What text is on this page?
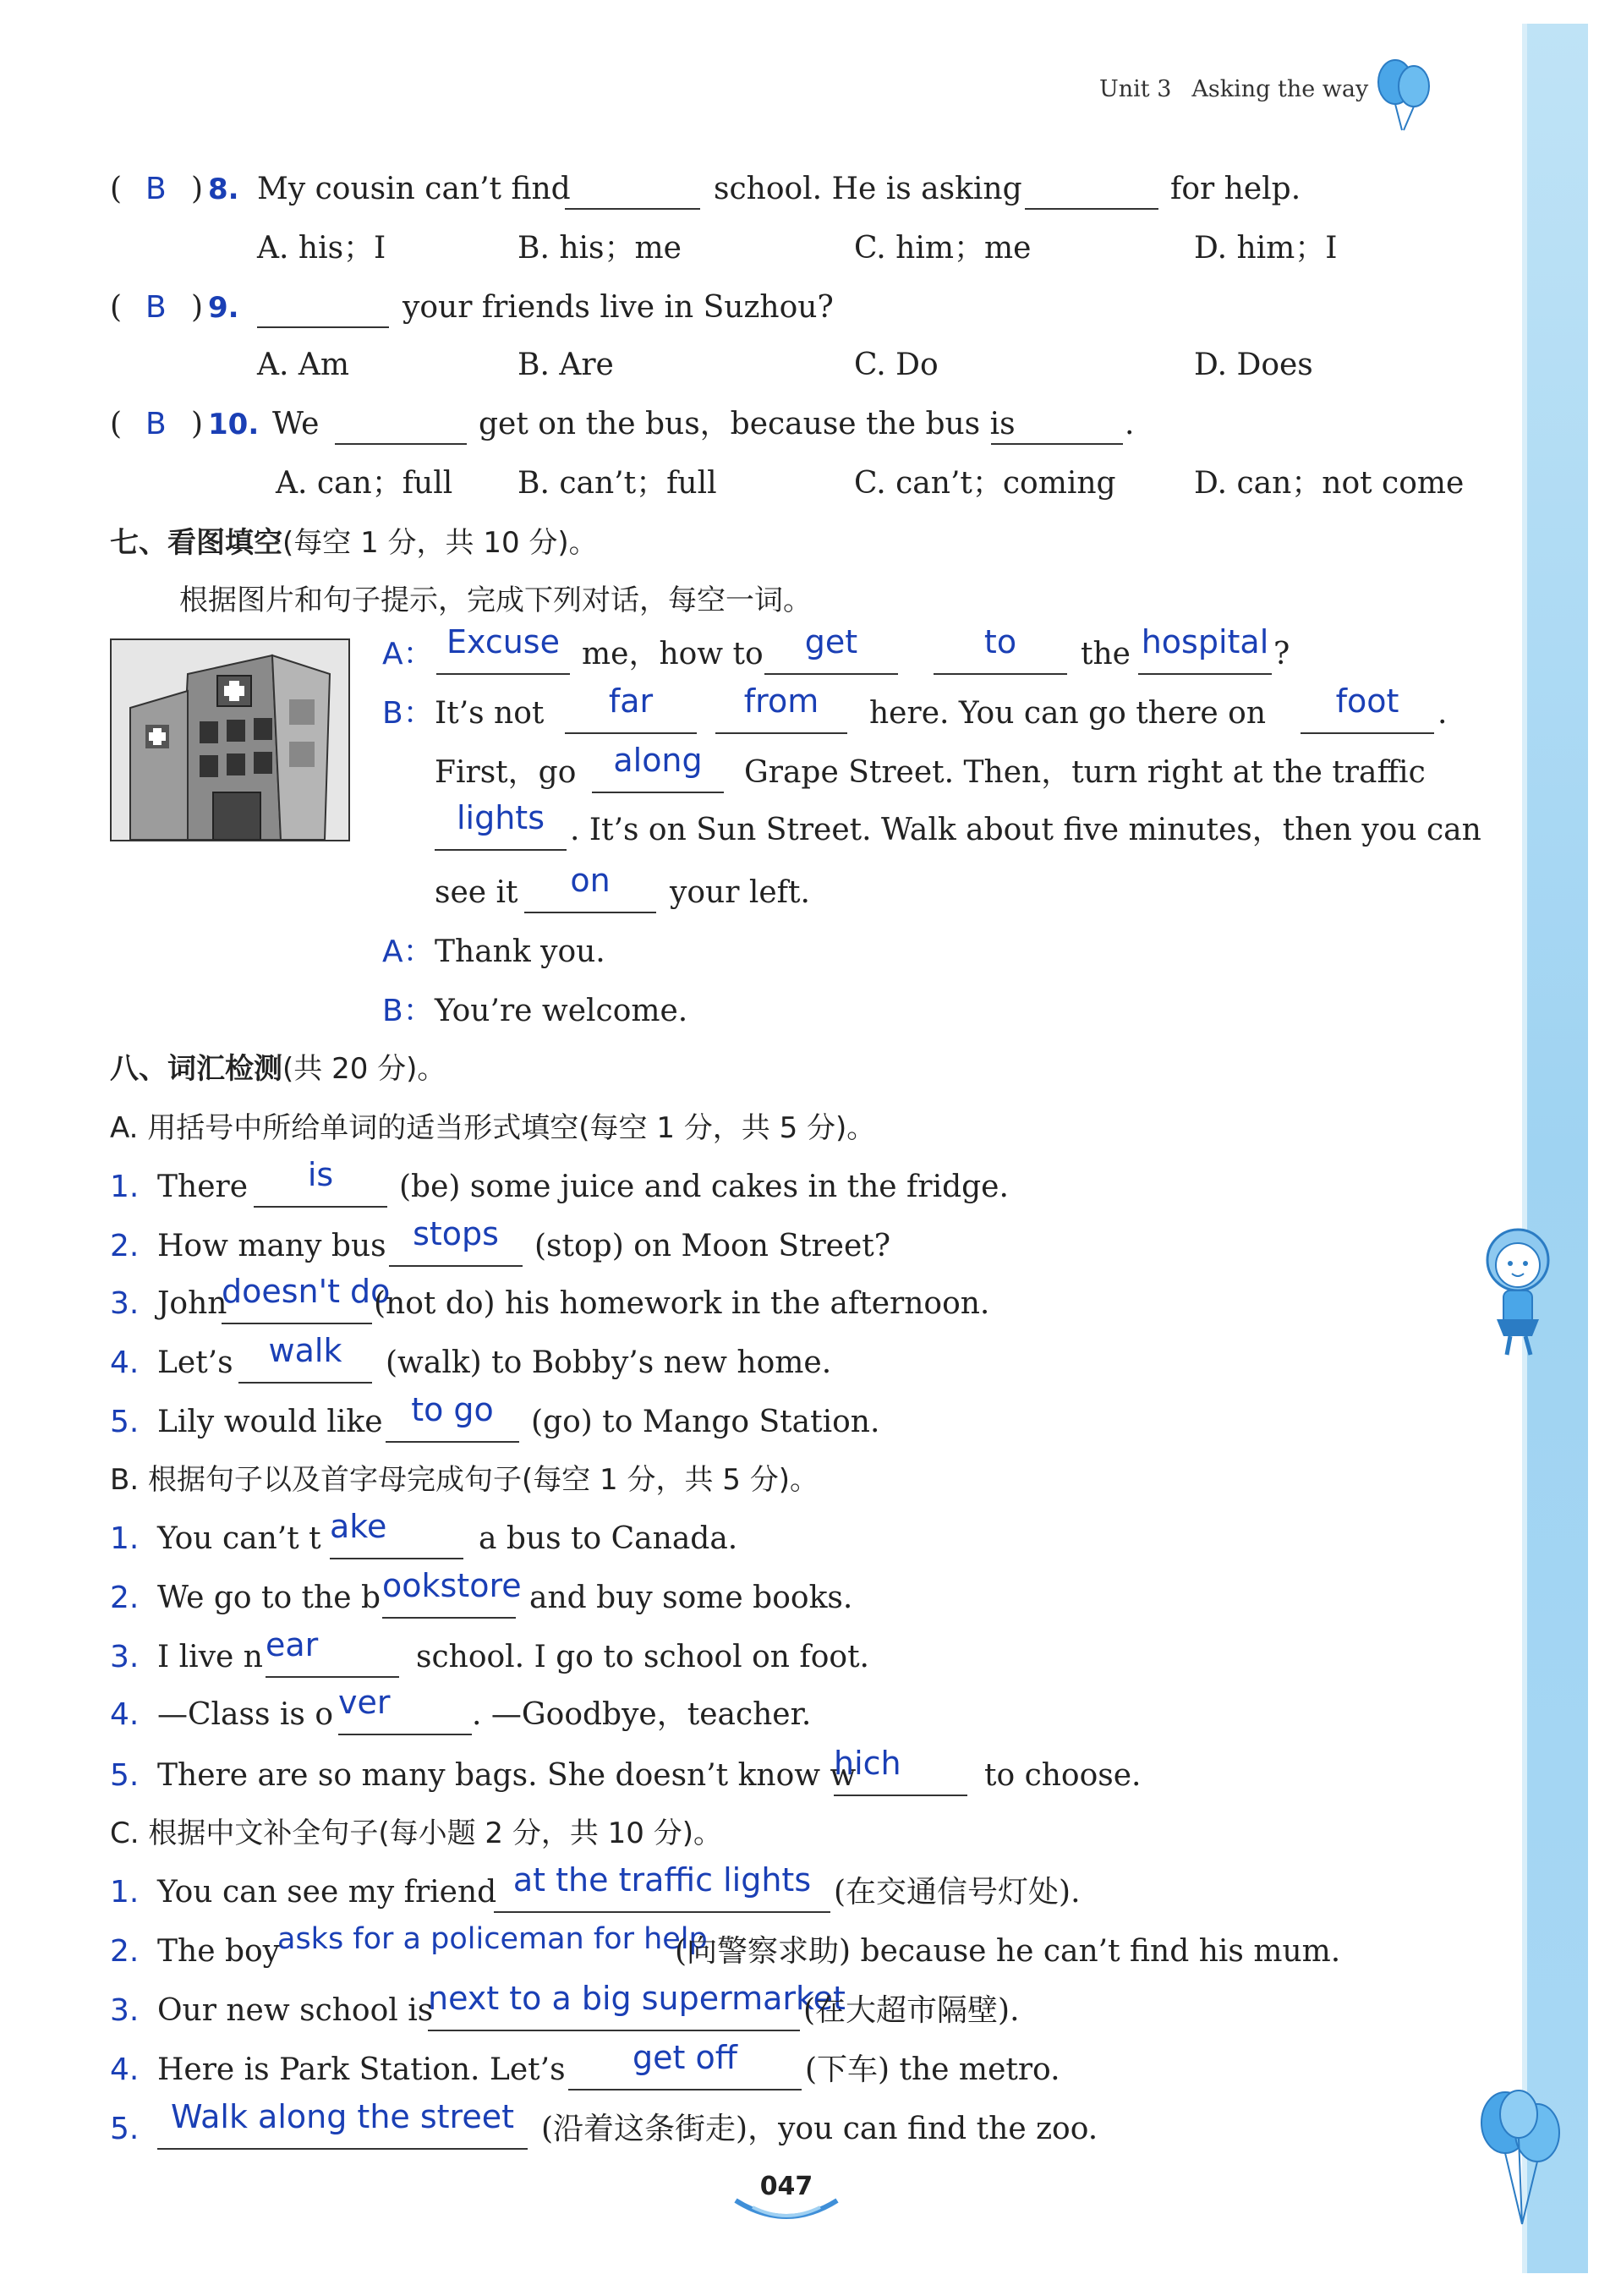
Unit 3 Asking the way
( B ) 8. My cousin can’t find	school. He is asking	for help.
A. his；I	B. his；me	C. him；me	D. him；I
( B ) 9.	your friends live in Suzhou?
A. Am	B. Are	C. Do	D. Does
( B ) 10. We	get on the bus，because the bus is	.
A. can；full B. can’t；full	C. can’t；coming	D. can；not come
七、看图填空(每空 1 分，共 10 分)。
根据图片和句子提示，完成下列对话，每空一词。
A： Excuse me，how to	get	to	the hospital ?
B： It’s not	far	from	here. You can go there on	foot	.
First，go	along	Grape Street. Then，turn right at the traffic
lights . It’s on Sun Street. Walk about five minutes，then you can
see it	on	your left.
A： Thank you.
B： You’re welcome.
八、词汇检测(共 20 分)。
A. 用括号中所给单词的适当形式填空(每空 1 分，共 5 分)。
1. There	is	(be) some juice and cakes in the fridge.
2. How many bus stops	(stop) on Moon Street?
3. John
doesn't do
(not do) his homework in the afternoon.
4. Let’s	walk	(walk) to Bobby’s new home.
5. Lily would like to go	(go) to Mango Station.
B. 根据句子以及首字母完成句子(每空 1 分，共 5 分)。
1. You can’t t ake	a bus to Canada.
2. We go to the b ookstore and buy some books.
3. I live n ear	school. I go to school on foot.
4. —Class is o ver	. —Goodbye，teacher.
5. There are so many bags. She doesn’t know w
hich	to choose.
C. 根据中文补全句子(每小题 2 分，共 10 分)。
1. You can see my friend at the traffic lights (在交通信号灯处).
2. The boy
asks for a policeman for help
(向警察求助) because he can’t find his mum.
3. Our new school is
next to a big supermarket
(在大超市隔壁).
4. Here is Park Station. Let’s	get off	(下车) the metro.
5. Walk along the street (沿着这条街走)，you can find the zoo.
047
